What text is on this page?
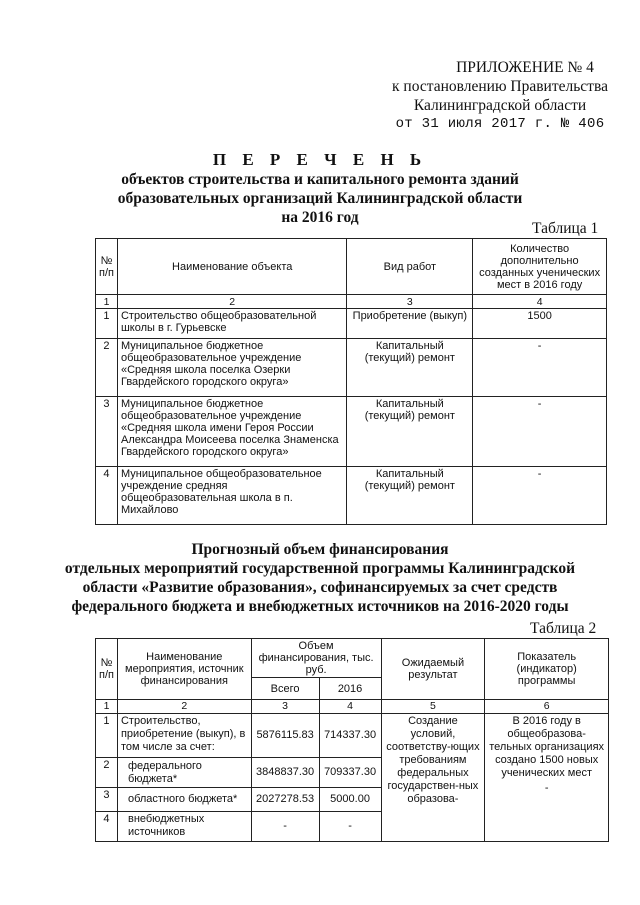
ПРИЛОЖЕНИЕ № 4
к постановлению Правительства
Калининградской области
от 31 июля 2017 г. № 406
П Е Р Е Ч Е Н Ь
объектов строительства и капитального ремонта зданий
образовательных организаций Калининградской области
на 2016 год
Таблица 1
№ п/п	Наименование объекта	Вид работ	Количество дополнительно созданных ученических мест в 2016 году
1	2	3	4
1	Строительство общеобразовательной школы в г. Гурьевске	Приобретение (выкуп)	1500
2	Муниципальное бюджетное общеобразовательное учреждение «Средняя школа поселка Озерки Гвардейского городского округа»	Капитальный (текущий) ремонт	-
3	Муниципальное бюджетное общеобразовательное учреждение «Средняя школа имени Героя России Александра Моисеева поселка Знаменска Гвардейского городского округа»	Капитальный (текущий) ремонт	-
4	Муниципальное общеобразовательное учреждение средняя общеобразовательная школа в п. Михайлово	Капитальный (текущий) ремонт	-
Прогнозный объем финансирования
отдельных мероприятий государственной программы Калининградской
области «Развитие образования», софинансируемых за счет средств
федерального бюджета и внебюджетных источников на 2016-2020 годы
Таблица 2
№ п/п	Наименование мероприятия, источник финансирования	Объем финансирования, тыс. руб.		Ожидаемый результат	Показатель (индикатор) программы
		Всего	2016		
1	2	3	4	5	6
1	Строительство, приобретение (выкуп), в том числе за счет:	5876115.83	714337.30	Создание условий, соответству-ющих требованиям федеральных государствен-ных образова-	В 2016 году в общеобразова-тельных организациях создано 1500 новых ученических мест
-

2	федерального бюджета*	3848837.30	709337.30		
3	областного бюджета*	2027278.53	5000.00		
4	внебюджетных источников	-	-		
